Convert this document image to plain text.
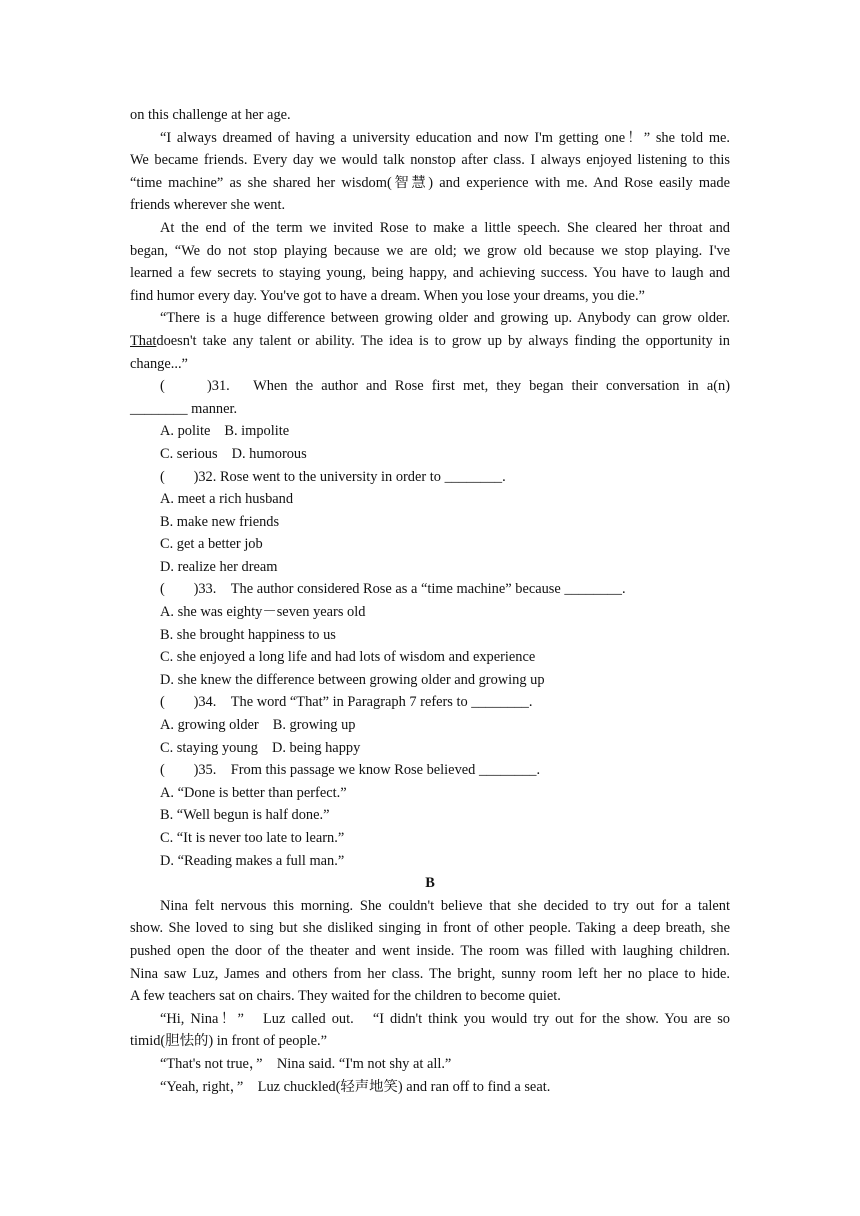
on this challenge at her age.
“I always dreamed of having a university education and now I'm getting one！” she told me.
We became friends. Every day we would talk nonstop after class. I always enjoyed listening to this
“time machine” as she shared her wisdom(智慧) and experience with me. And Rose easily made
friends wherever she went.
At the end of the term we invited Rose to make a little speech. She cleared her throat and
began, “We do not stop playing because we are old; we grow old because we stop playing. I've
learned a few secrets to staying young, being happy, and achieving success. You have to laugh and
find humor every day. You've got to have a dream. When you lose your dreams, you die.”
“There is a huge difference between growing older and growing up. Anybody can grow older.
That doesn't take any talent or ability. The idea is to grow up by always finding the opportunity in
change...”
(　　)31.　When the author and Rose first met, they began their conversation in a(n)
________ manner.
A. polite B. impolite
C. serious D. humorous
(　　)32. Rose went to the university in order to ________.
A. meet a rich husband
B. make new friends
C. get a better job
D. realize her dream
(　　)33.　The author considered Rose as a “time machine” because ________.
A. she was eighty－seven years old
B. she brought happiness to us
C. she enjoyed a long life and had lots of wisdom and experience
D. she knew the difference between growing older and growing up
(　　)34.　The word “That” in Paragraph 7 refers to ________.
A. growing older B. growing up
C. staying young D. being happy
(　　)35.　From this passage we know Rose believed ________.
A. “Done is better than perfect.”
B. “Well begun is half done.”
C. “It is never too late to learn.”
D. “Reading makes a full man.”
B
Nina felt nervous this morning. She couldn't believe that she decided to try out for a talent
show. She loved to sing but she disliked singing in front of other people. Taking a deep breath, she
pushed open the door of the theater and went inside. The room was filled with laughing children.
Nina saw Luz, James and others from her class. The bright, sunny room left her no place to hide.
A few teachers sat on chairs. They waited for the children to become quiet.
“Hi, Nina！”　Luz called out.　“I didn't think you would try out for the show. You are so
timid(胆怯的) in front of people.”
“That's not true，”　Nina said. “I'm not shy at all.”
“Yeah, right，”　Luz chuckled(轻声地笑) and ran off to find a seat.
